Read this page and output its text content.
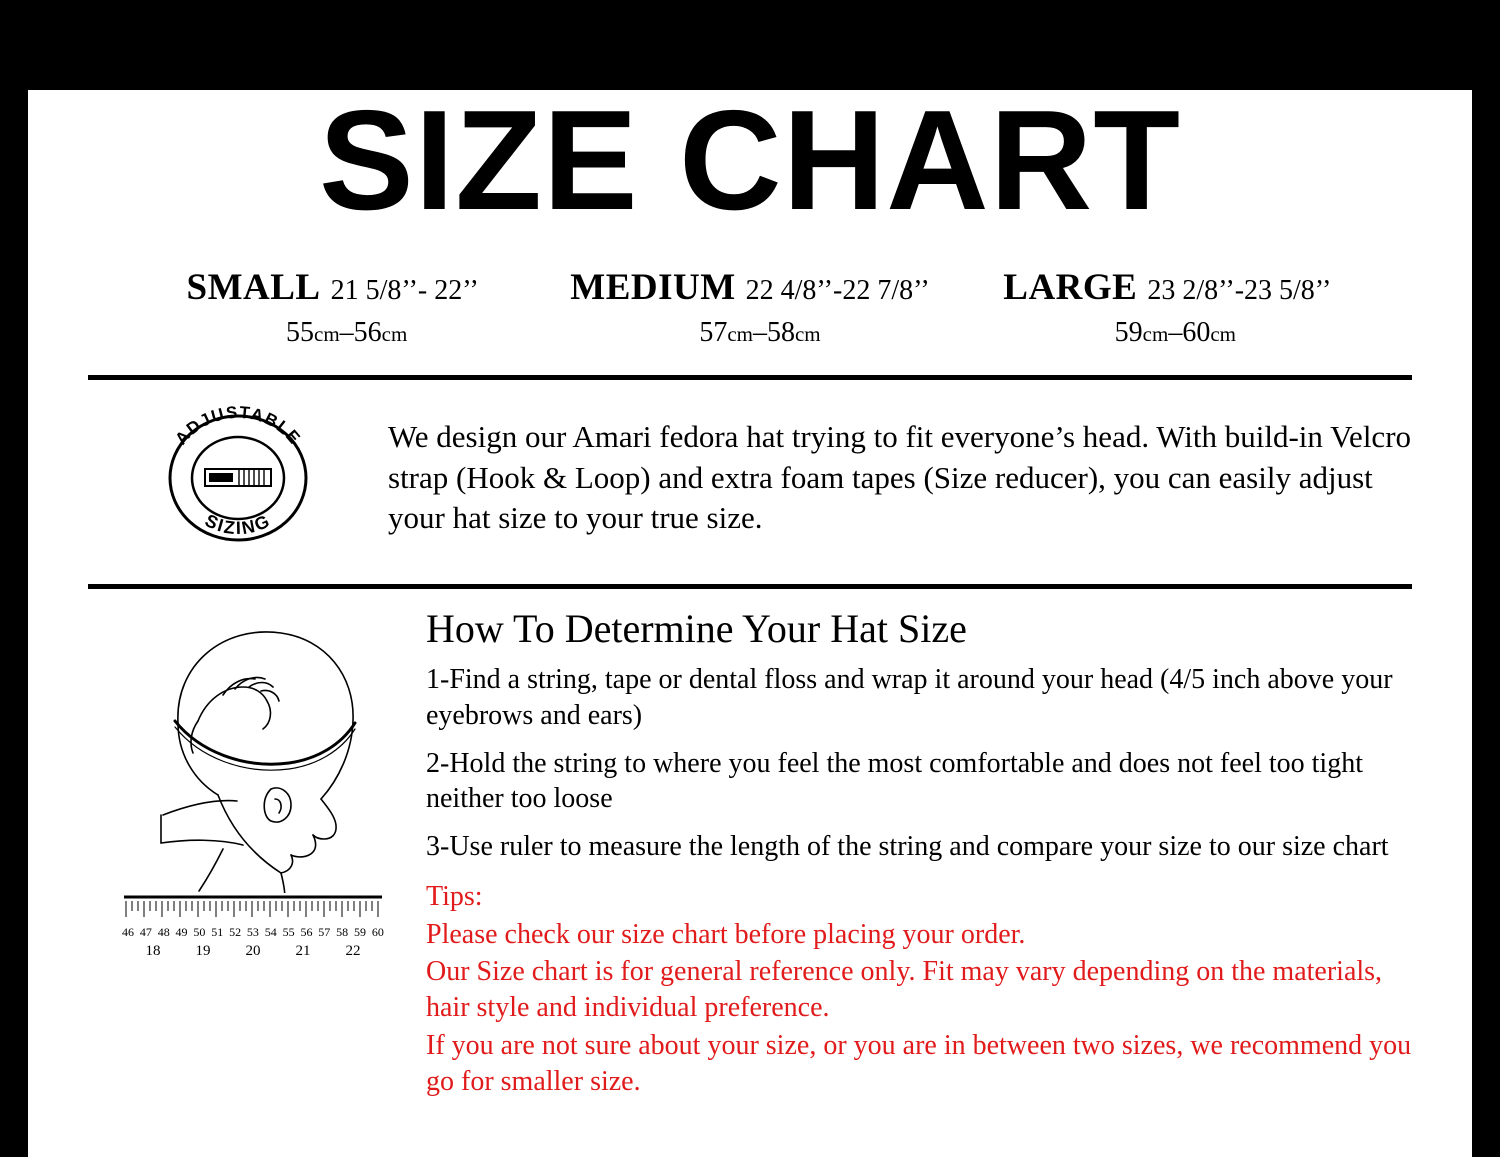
SIZE CHART
SMALL 21 5/8’’- 22’’
55cm–56cm
MEDIUM 22 4/8’’-22 7/8’’
57cm–58cm
LARGE 23 2/8’’-23 5/8’’
59cm–60cm
ADJUSTABLE
SIZING
We design our Amari fedora hat trying to fit everyone’s head. With build-in Velcro strap (Hook & Loop) and extra foam tapes (Size reducer), you can easily adjust your hat size to your true size.
46 47 48 49 50 51 52 53 54 55 56 57 58 59 60
18 19 20 21 22
How To Determine Your Hat Size
1-Find a string, tape or dental floss and wrap it around your head (4/5 inch above your eyebrows and ears)
2-Hold the string to where you feel the most comfortable and does not feel too tight neither too loose
3-Use ruler to measure the length of the string and compare your size to our size chart

Tips:

Please check our size chart before placing your order.

Our Size chart is for general reference only. Fit may vary depending on the materials, hair style and individual preference.

If you are not sure about your size, or you are in between two sizes, we recommend you go for smaller size.
